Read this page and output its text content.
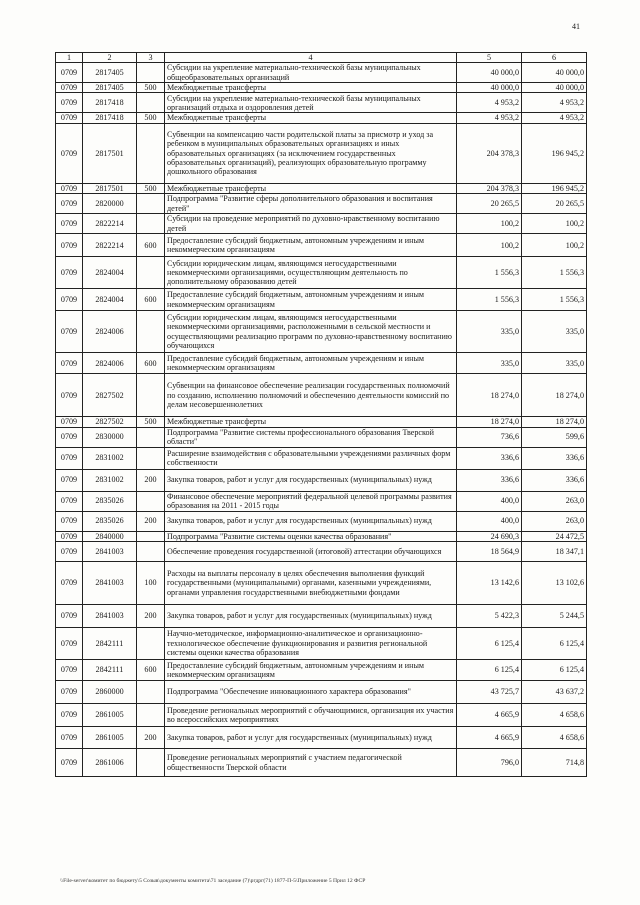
41
1	2	3	4	5	6
0709	2817405		Субсидии на укрепление материально-технической базы муниципальных общеобразовательных организаций	40 000,0	40 000,0
0709	2817405	500	Межбюджетные трансферты	40 000,0	40 000,0
0709	2817418		Субсидии на укрепление материально-технической базы муниципальных организаций отдыха и оздоровления детей	4 953,2	4 953,2
0709	2817418	500	Межбюджетные трансферты	4 953,2	4 953,2
0709	2817501		Субвенции на компенсацию части родительской платы за присмотр и уход за ребенком в муниципальных образовательных организациях и иных образовательных организациях (за исключением государственных образовательных организаций), реализующих образовательную программу дошкольного образования	204 378,3	196 945,2
0709	2817501	500	Межбюджетные трансферты	204 378,3	196 945,2
0709	2820000		Подпрограмма "Развитие сферы дополнительного образования и воспитания детей"	20 265,5	20 265,5
0709	2822214		Субсидии на проведение мероприятий по духовно-нравственному воспитанию детей	100,2	100,2
0709	2822214	600	Предоставление субсидий бюджетным, автономным учреждениям и иным некоммерческим организациям	100,2	100,2
0709	2824004		Субсидии юридическим лицам, являющимся негосударственными некоммерческими организациями, осуществляющим деятельность по дополнительному образованию детей	1 556,3	1 556,3
0709	2824004	600	Предоставление субсидий бюджетным, автономным учреждениям и иным некоммерческим организациям	1 556,3	1 556,3
0709	2824006		Субсидии юридическим лицам, являющимся негосударственными некоммерческими организациями, расположенными в сельской местности и осуществляющими реализацию программ по духовно-нравственному воспитанию обучающихся	335,0	335,0
0709	2824006	600	Предоставление субсидий бюджетным, автономным учреждениям и иным некоммерческим организациям	335,0	335,0
0709	2827502		Субвенции на финансовое обеспечение реализации государственных полномочий по созданию, исполнению полномочий и обеспечению деятельности комиссий по делам несовершеннолетних	18 274,0	18 274,0
0709	2827502	500	Межбюджетные трансферты	18 274,0	18 274,0
0709	2830000		Подпрограмма "Развитие системы профессионального образования Тверской области"	736,6	599,6
0709	2831002		Расширение взаимодействия с образовательными учреждениями различных форм собственности	336,6	336,6
0709	2831002	200	Закупка товаров, работ и услуг для государственных (муниципальных) нужд	336,6	336,6
0709	2835026		Финансовое обеспечение мероприятий федеральной целевой программы развития образования на 2011 - 2015 годы	400,0	263,0
0709	2835026	200	Закупка товаров, работ и услуг для государственных (муниципальных) нужд	400,0	263,0
0709	2840000		Подпрограмма "Развитие системы оценки качества образования"	24 690,3	24 472,5
0709	2841003		Обеспечение проведения государственной (итоговой) аттестации обучающихся	18 564,9	18 347,1
0709	2841003	100	Расходы на выплаты персоналу в целях обеспечения выполнения функций государственными (муниципальными) органами, казенными учреждениями, органами управления государственными внебюджетными фондами	13 142,6	13 102,6
0709	2841003	200	Закупка товаров, работ и услуг для государственных (муниципальных) нужд	5 422,3	5 244,5
0709	2842111		Научно-методическое, информационно-аналитическое и организационно-технологическое обеспечение функционирования и развития региональной системы оценки качества образования	6 125,4	6 125,4
0709	2842111	600	Предоставление субсидий бюджетным, автономным учреждениям и иным некоммерческим организациям	6 125,4	6 125,4
0709	2860000		Подпрограмма "Обеспечение инновационного характера образования"	43 725,7	43 637,2
0709	2861005		Проведение региональных мероприятий с обучающимися, организация их участия во всероссийских мероприятиях	4 665,9	4 658,6
0709	2861005	200	Закупка товаров, работ и услуг для государственных (муниципальных) нужд	4 665,9	4 658,6
0709	2861006		Проведение региональных мероприятий с участием педагогической общественности Тверской области	796,0	714,8
\\File-server\комитет по бюджету\5 Созыв\документы комитета\71 заседание (7)\ргдрг(71) 1877-П-5\Приложение 5 Прил 12 ФСР
